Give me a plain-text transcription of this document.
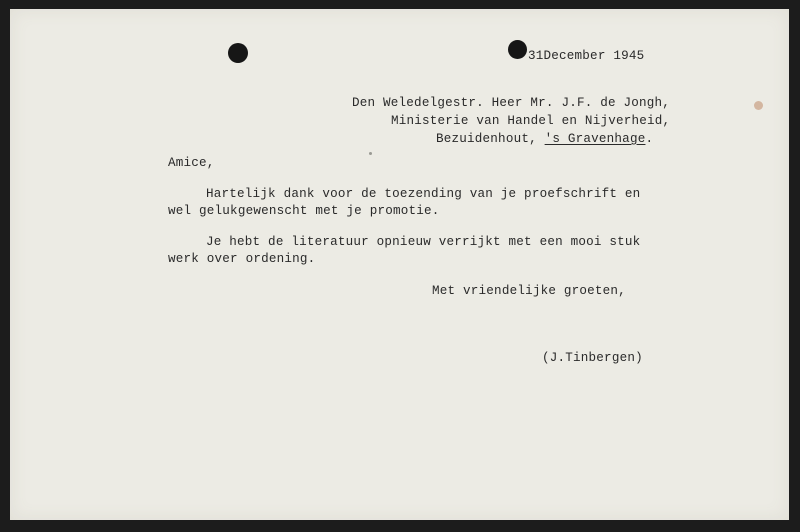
31December 1945
Den Weledelgestr. Heer Mr. J.F. de Jongh,
Ministerie van Handel en Nijverheid,
Bezuidenhout, 's Gravenhage.
Amice,
Hartelijk dank voor de toezending van je proefschrift en
wel gelukgewenscht met je promotie.
Je hebt de literatuur opnieuw verrijkt met een mooi stuk
werk over ordening.
Met vriendelijke groeten,
(J.Tinbergen)
